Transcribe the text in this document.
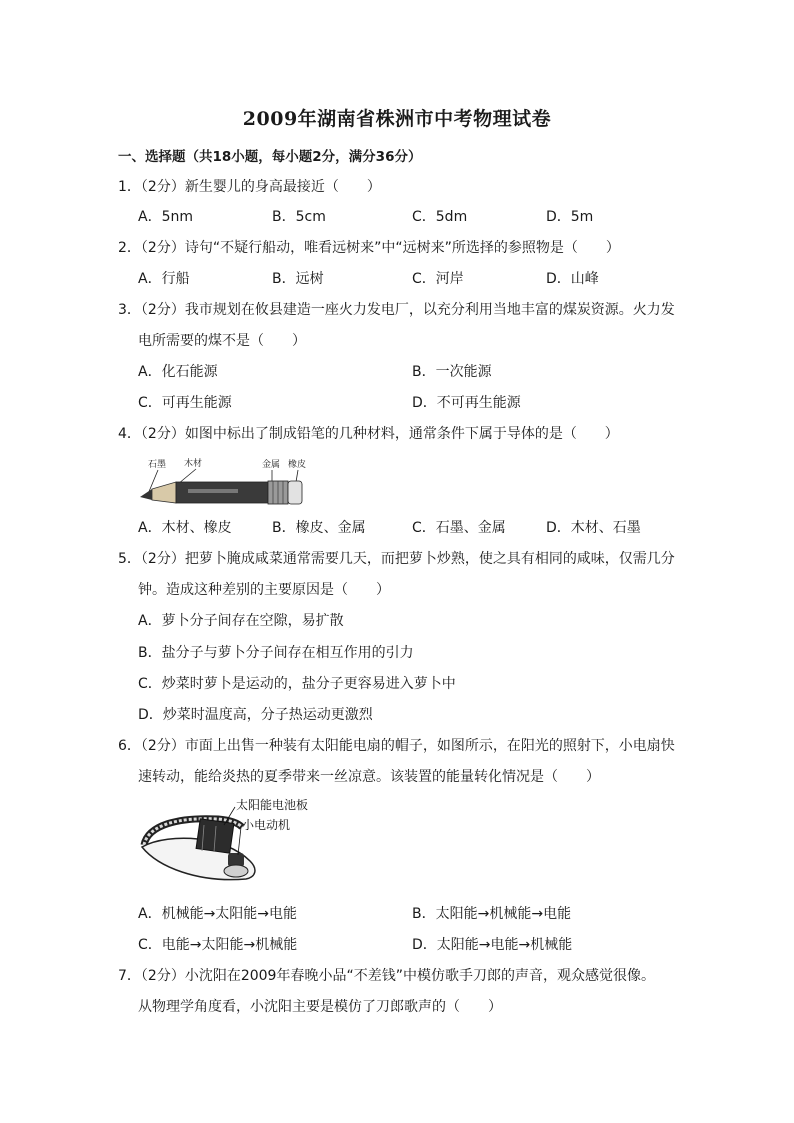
2009年湖南省株洲市中考物理试卷
一、选择题（共18小题，每小题2分，满分36分）
1．（2分）新生婴儿的身高最接近（　　）
A．5nm	B．5cm	C．5dm	D．5m
2．（2分）诗句“不疑行船动，唯看远树来”中“远树来”所选择的参照物是（　　）
A．行船	B．远树	C．河岸	D．山峰
3．（2分）我市规划在攸县建造一座火力发电厂，以充分利用当地丰富的煤炭资源。火力发
电所需要的煤不是（　　）
A．化石能源	B．一次能源
C．可再生能源	D．不可再生能源
4．（2分）如图中标出了制成铅笔的几种材料，通常条件下属于导体的是（　　）
石墨 木材	金属 橡皮
A．木材、橡皮	B．橡皮、金属	C．石墨、金属	D．木材、石墨
5．（2分）把萝卜腌成咸菜通常需要几天，而把萝卜炒熟，使之具有相同的咸味，仅需几分
钟。造成这种差别的主要原因是（　　）
A．萝卜分子间存在空隙，易扩散
B．盐分子与萝卜分子间存在相互作用的引力
C．炒菜时萝卜是运动的，盐分子更容易进入萝卜中
D．炒菜时温度高，分子热运动更激烈
6．（2分）市面上出售一种装有太阳能电扇的帽子，如图所示，在阳光的照射下，小电扇快
速转动，能给炎热的夏季带来一丝凉意。该装置的能量转化情况是（　　）
太阳能电池板
小电动机
A．机械能→太阳能→电能	B．太阳能→机械能→电能
C．电能→太阳能→机械能	D．太阳能→电能→机械能
7．（2分）小沈阳在2009年春晚小品“不差钱”中模仿歌手刀郎的声音，观众感觉很像。
从物理学角度看，小沈阳主要是模仿了刀郎歌声的（　　）
